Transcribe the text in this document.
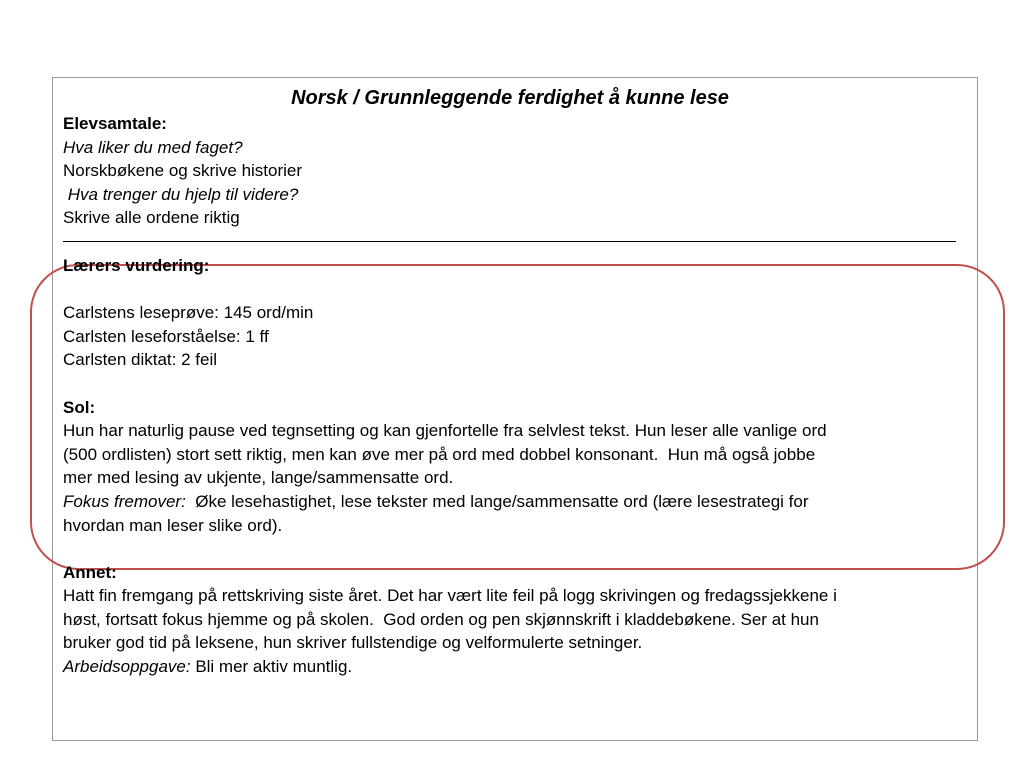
Norsk / Grunnleggende ferdighet å kunne lese
Elevsamtale:
Hva liker du med faget?
Norskbøkene og skrive historier
Hva trenger du hjelp til videre?
Skrive alle ordene riktig
Lærers vurdering:
Carlstens leseprøve: 145 ord/min
Carlsten leseforståelse: 1 ff
Carlsten diktat: 2 feil
Sol:
Hun har naturlig pause ved tegnsetting og kan gjenfortelle fra selvlest tekst. Hun leser alle vanlige ord
(500 ordlisten) stort sett riktig, men kan øve mer på ord med dobbel konsonant.  Hun må også jobbe
mer med lesing av ukjente, lange/sammensatte ord.
Fokus fremover:  Øke lesehastighet, lese tekster med lange/sammensatte ord (lære lesestrategi for
hvordan man leser slike ord).
Annet:
Hatt fin fremgang på rettskriving siste året. Det har vært lite feil på logg skrivingen og fredagssjekkene i
høst, fortsatt fokus hjemme og på skolen.  God orden og pen skjønnskrift i kladdebøkene. Ser at hun
bruker god tid på leksene, hun skriver fullstendige og velformulerte setninger.
Arbeidsoppgave: Bli mer aktiv muntlig.
